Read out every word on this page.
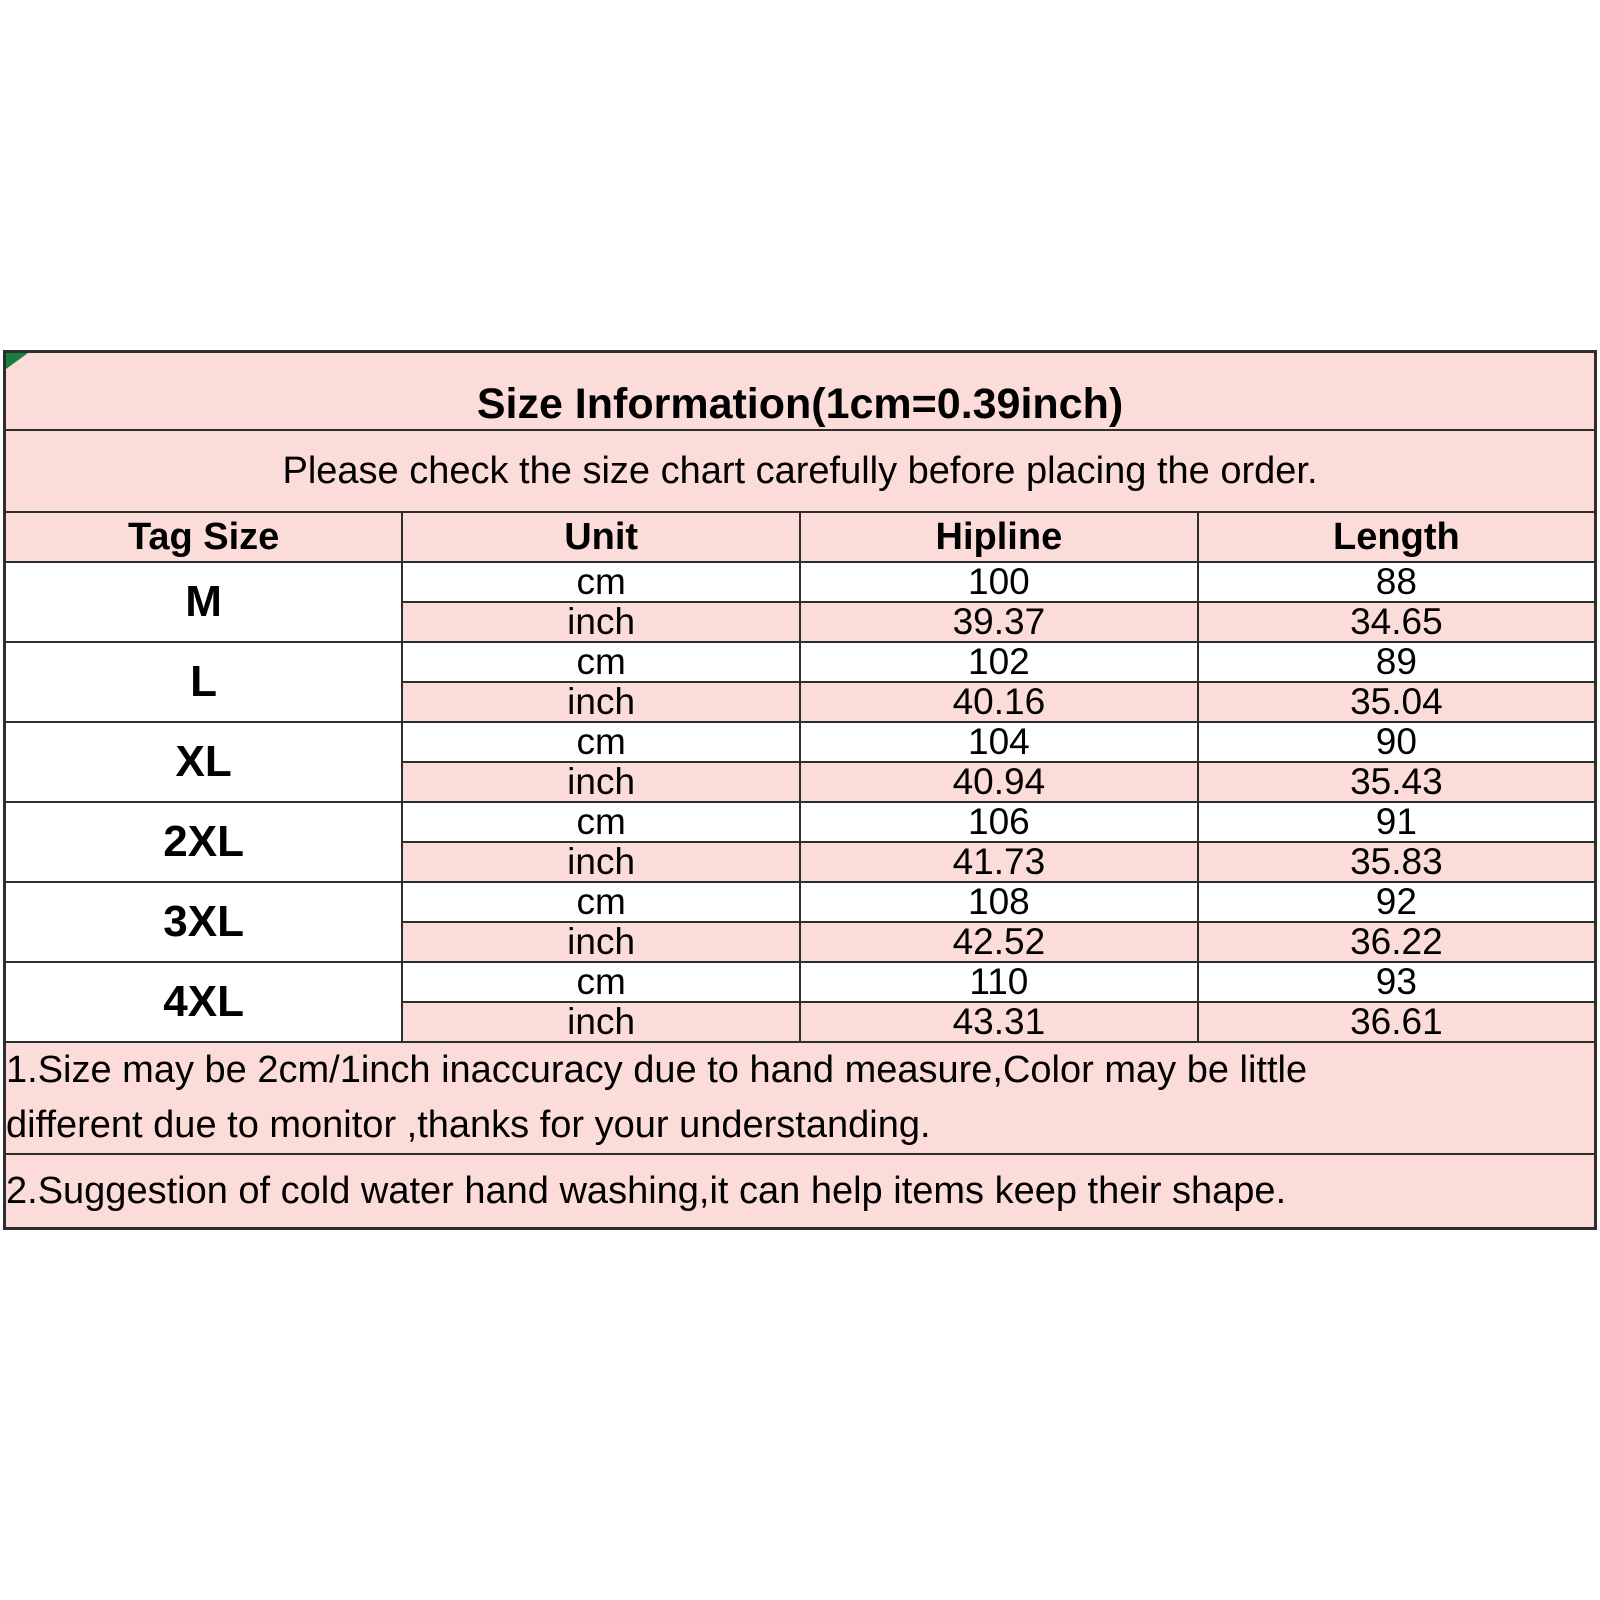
Size Information(1cm=0.39inch)			
Please check the size chart carefully before placing the order.			
Tag Size	Unit	Hipline	Length
M	cm	100	88
	inch	39.37	34.65
L	cm	102	89
	inch	40.16	35.04
XL	cm	104	90
	inch	40.94	35.43
2XL	cm	106	91
	inch	41.73	35.83
3XL	cm	108	92
	inch	42.52	36.22
4XL	cm	110	93
	inch	43.31	36.61

1.Size may be 2cm/1inch inaccuracy due to hand measure,Color may be little
different due to monitor ,thanks for your understanding.			

2.Suggestion of cold water hand washing,it can help items keep their shape.			
